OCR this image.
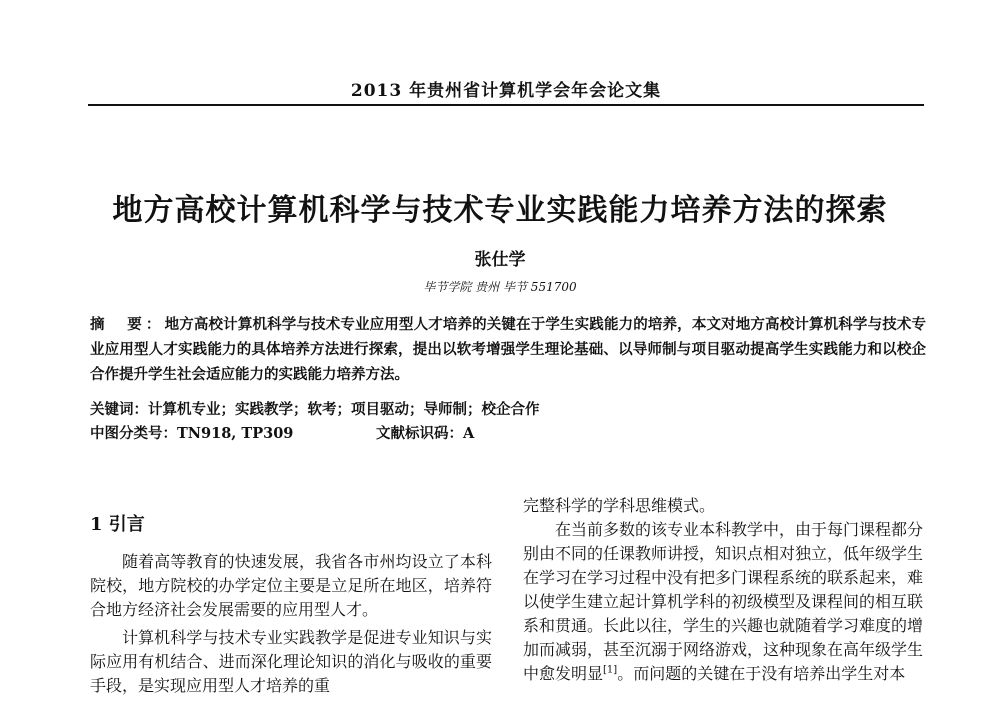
2013 年贵州省计算机学会年会论文集
地方高校计算机科学与技术专业实践能力培养方法的探索
张仕学
毕节学院 贵州 毕节 551700
摘　要：地方高校计算机科学与技术专业应用型人才培养的关键在于学生实践能力的培养，本文对地方高校计算机科学与技术专业应用型人才实践能力的具体培养方法进行探索，提出以软考增强学生理论基础、以导师制与项目驱动提高学生实践能力和以校企合作提升学生社会适应能力的实践能力培养方法。
关键词：计算机专业；实践教学；软考；项目驱动；导师制；校企合作
中图分类号：TN918, TP309	文献标识码：A
1 引言

随着高等教育的快速发展，我省各市州均设立了本科院校，地方院校的办学定位主要是立足所在地区，培养符合地方经济社会发展需要的应用型人才。

计算机科学与技术专业实践教学是促进专业知识与实际应用有机结合、进而深化理论知识的消化与吸收的重要手段，是实现应用型人才培养的重

完整科学的学科思维模式。

在当前多数的该专业本科教学中，由于每门课程都分别由不同的任课教师讲授，知识点相对独立，低年级学生在学习在学习过程中没有把多门课程系统的联系起来，难以使学生建立起计算机学科的初级模型及课程间的相互联系和贯通。长此以往，学生的兴趣也就随着学习难度的增加而减弱，甚至沉溺于网络游戏，这种现象在高年级学生中愈发明显[1]。而问题的关键在于没有培养出学生对本
